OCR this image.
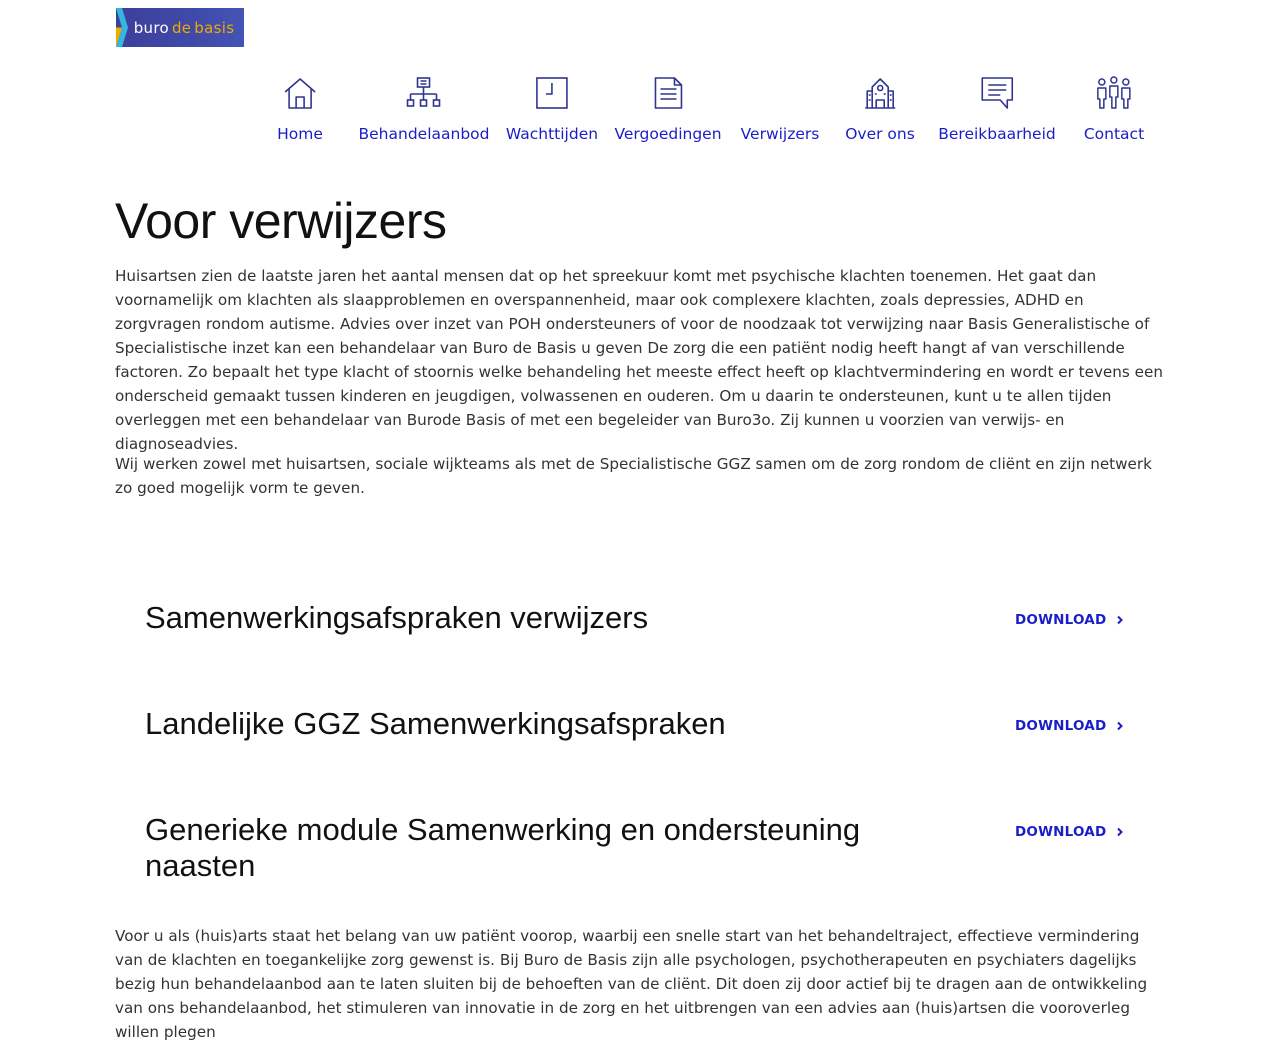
buro de basis
Home Behandelaanbod Wachttijden Vergoedingen Verwijzers Over ons Bereikbaarheid Contact
Voor verwijzers

Huisartsen zien de laatste jaren het aantal mensen dat op het spreekuur komt met psychische klachten toenemen. Het gaat dan voornamelijk om klachten als slaapproblemen en overspannenheid, maar ook complexere klachten, zoals depressies, ADHD en zorgvragen rondom autisme. Advies over inzet van POH ondersteuners of voor de noodzaak tot verwijzing naar Basis Generalistische of Specialistische inzet kan een behandelaar van Buro de Basis u geven De zorg die een patiënt nodig heeft hangt af van verschillende factoren. Zo bepaalt het type klacht of stoornis welke behandeling het meeste effect heeft op klachtvermindering en wordt er tevens een onderscheid gemaakt tussen kinderen en jeugdigen, volwassenen en ouderen. Om u daarin te ondersteunen, kunt u te allen tijden overleggen met een behandelaar van Burode Basis of met een begeleider van Buro3o. Zij kunnen u voorzien van verwijs- en diagnoseadvies.

Wij werken zowel met huisartsen, sociale wijkteams als met de Specialistische GGZ samen om de zorg rondom de cliënt en zijn netwerk zo goed mogelijk vorm te geven.

Samenwerkingsafspraken verwijzers	DOWNLOAD
Landelijke GGZ Samenwerkingsafspraken	DOWNLOAD
Generieke module Samenwerking en ondersteuning naasten
DOWNLOAD

Voor u als (huis)arts staat het belang van uw patiënt voorop, waarbij een snelle start van het behandeltraject, effectieve vermindering van de klachten en toegankelijke zorg gewenst is. Bij Buro de Basis zijn alle psychologen, psychotherapeuten en psychiaters dagelijks bezig hun behandelaanbod aan te laten sluiten bij de behoeften van de cliënt. Dit doen zij door actief bij te dragen aan de ontwikkeling van ons behandelaanbod, het stimuleren van innovatie in de zorg en het uitbrengen van een advies aan (huis)artsen die vooroverleg willen plegen
